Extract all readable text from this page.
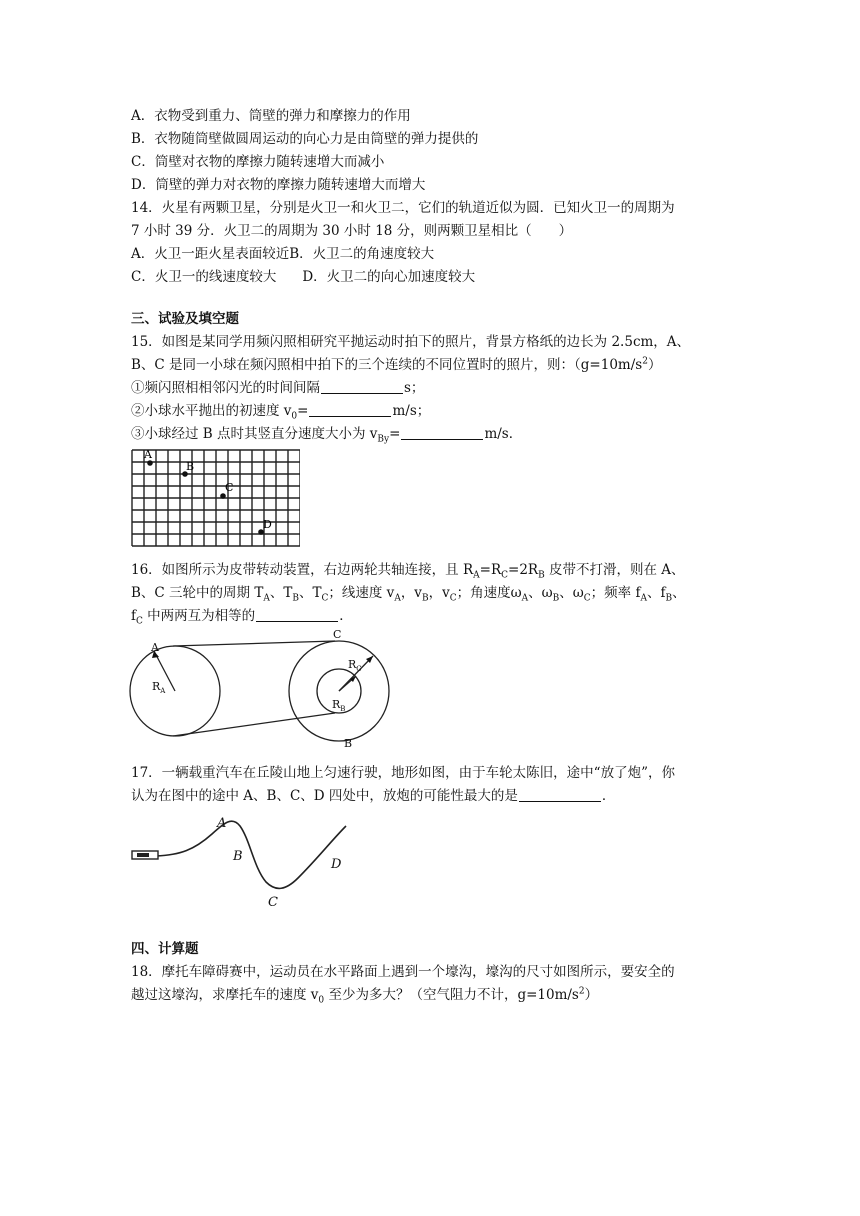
A．衣物受到重力、筒壁的弹力和摩擦力的作用
B．衣物随筒壁做圆周运动的向心力是由筒壁的弹力提供的
C．筒壁对衣物的摩擦力随转速增大而减小
D．筒壁的弹力对衣物的摩擦力随转速增大而增大
14．火星有两颗卫星，分别是火卫一和火卫二，它们的轨道近似为圆．已知火卫一的周期为
7 小时 39 分．火卫二的周期为 30 小时 18 分，则两颗卫星相比（　　）
A．火卫一距火星表面较近B．火卫二的角速度较大
C．火卫一的线速度较大 D．火卫二的向心加速度较大
三、试验及填空题
15．如图是某同学用频闪照相研究平抛运动时拍下的照片，背景方格纸的边长为 2.5cm，A、
B、C 是同一小球在频闪照相中拍下的三个连续的不同位置时的照片，则：$(g=10m/s^2)$
①频闪照相相邻闪光的时间间隔	s；
②小球水平抛出的初速度 $v_0=$	m/s；
③小球经过 B 点时其竖直分速度大小为 $v_{By}=$	m/s．
A
B
C
D
16．如图所示为皮带转动装置，右边两轮共轴连接，且 $R_A=R_C=2R_B$ 皮带不打滑，则在 A、
B、C 三轮中的周期 $T_A$、$T_B$、$T_C$；线速度 $v_A$，$v_B$，$v_C$；角速度$\omega_A$、$\omega_B$、$\omega_C$；频率 $f_A$、$f_B$、
$f_C$ 中两两互为相等的	．
A
C
B
$R_A$
$R_C$
$R_B$
17．一辆载重汽车在丘陵山地上匀速行驶，地形如图，由于车轮太陈旧，途中“放了炮”，你
认为在图中的途中 A、B、C、D 四处中，放炮的可能性最大的是	．
A
B
C
D
四、计算题
18．摩托车障碍赛中，运动员在水平路面上遇到一个壕沟，壕沟的尺寸如图所示，要安全的
越过这壕沟，求摩托车的速度 $v_0$ 至少为多大？（空气阻力不计，$g=10m/s^2$）
